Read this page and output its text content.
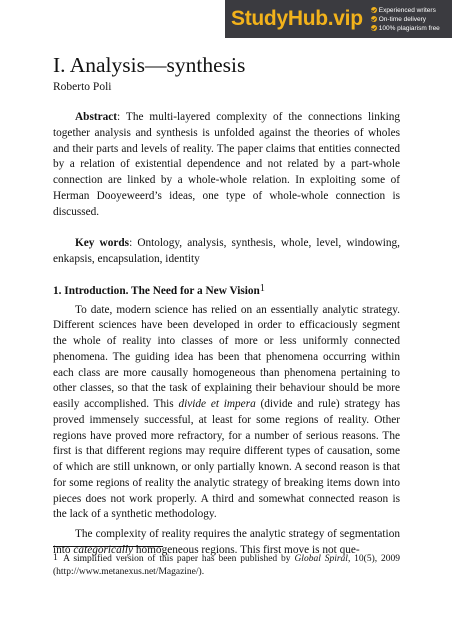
StudyHub.vip Experienced writers
On-time delivery
100% plagiarism free
I. Analysis—synthesis
Roberto Poli

Abstract: The multi-layered complexity of the connections linking together analysis and synthesis is unfolded against the theories of wholes and their parts and levels of reality. The paper claims that entities connected by a relation of existential dependence and not related by a part-whole connection are linked by a whole-whole relation. In exploiting some of Herman Dooyeweerd’s ideas, one type of whole-whole connection is discussed.

Key words: Ontology, analysis, synthesis, whole, level, windowing, enkapsis, encapsulation, identity

1. Introduction. The Need for a New Vision$^1$

To date, modern science has relied on an essentially analytic strategy. Different sciences have been developed in order to efficaciously segment the whole of reality into classes of more or less uniformly connected phenomena. The guiding idea has been that phenomena occurring within each class are more causally homogeneous than phenomena pertaining to other classes, so that the task of explaining their behaviour should be more easily accomplished. This divide et impera (divide and rule) strategy has proved immensely successful, at least for some regions of reality. Other regions have proved more refractory, for a number of serious reasons. The first is that different regions may require different types of causation, some of which are still unknown, or only partially known. A second reason is that for some regions of reality the analytic strategy of breaking items down into pieces does not work properly. A third and somewhat connected reason is the lack of a synthetic methodology.

The complexity of reality requires the analytic strategy of segmentation into categorically homogeneous regions. This first move is not que-

$^1$ A simplified version of this paper has been published by Global Spiral, 10(5), 2009 (http://www.metanexus.net/Magazine/).
